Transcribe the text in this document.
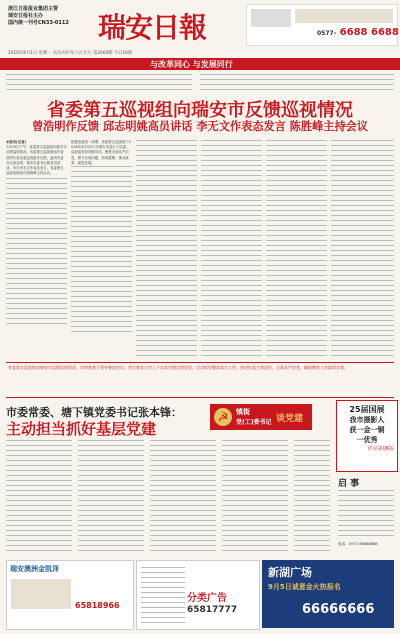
浙江日报报业集团主管
瑞安日报社主办
国内统一刊号CN33-0112	瑞安日報	0577- 6688 6688
2016年8月1日 星期一 农历丙申年六月廿九 第2669期 今日16版
与改革同心 与发展同行
省委第五巡视组向瑞安市反馈巡视情况
曾浩明作反馈 邱志明姚高员讲话 李无文作表态发言 陈胜峰主持会议
本报讯(记者)
7月29日下午，省委第五巡视组向瑞安市反馈巡视情况。省委第五巡视组组长曾浩明代表省委巡视组作反馈，温州市委书记邱志明、瑞安市委书记姚高员讲话，市长李无文作表态发言，省委第五巡视组副组长陈胜峰主持会议。
根据省委统一部署，省委第五巡视组于2016年4月至5月对瑞安市进行了巡视。巡视组坚持问题导向，聚焦全面从严治党，着力发现问题、形成震慑，推动改革、促进发展。
省委第五巡视组向瑞安市反馈巡视情况，市四套班子领导参加会议，会议要求全市上下认真对照反馈意见，切实抓好整改落实工作，坚决扛起主体责任，全面从严治党，确保整改工作取得实效。
市委常委、塘下镇党委书记张本锋：
主动担当抓好基层党建
☭	镇街
党(工)委书记 谈党建
25届国展
我市摄影人
获一金一铜
一优秀
详见第06版
启 事
电话：0577-66688888
瑞安澳洲金凯泽
65818966
分类广告
65817777
新湖广场
9月5日诚意金火热报名
66666666
